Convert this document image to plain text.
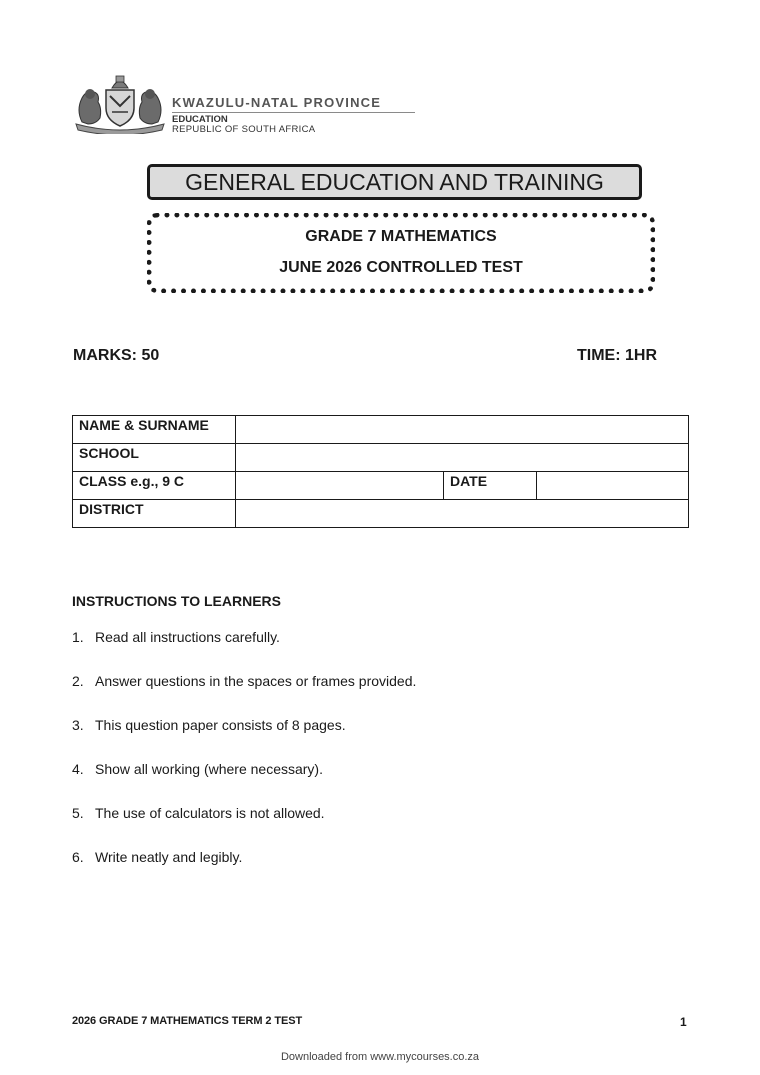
KWAZULU-NATAL PROVINCE
EDUCATION
REPUBLIC OF SOUTH AFRICA
GENERAL EDUCATION AND TRAINING
GRADE 7 MATHEMATICS
JUNE 2026 CONTROLLED TEST
MARKS: 50	TIME: 1HR
NAME & SURNAME			
SCHOOL			
CLASS e.g., 9 C		DATE	
DISTRICT			
INSTRUCTIONS TO LEARNERS
1. Read all instructions carefully.
2. Answer questions in the spaces or frames provided.
3. This question paper consists of 8 pages.
4. Show all working (where necessary).
5. The use of calculators is not allowed.
6. Write neatly and legibly.
2026 GRADE 7 MATHEMATICS TERM 2 TEST	1
Downloaded from www.mycourses.co.za
